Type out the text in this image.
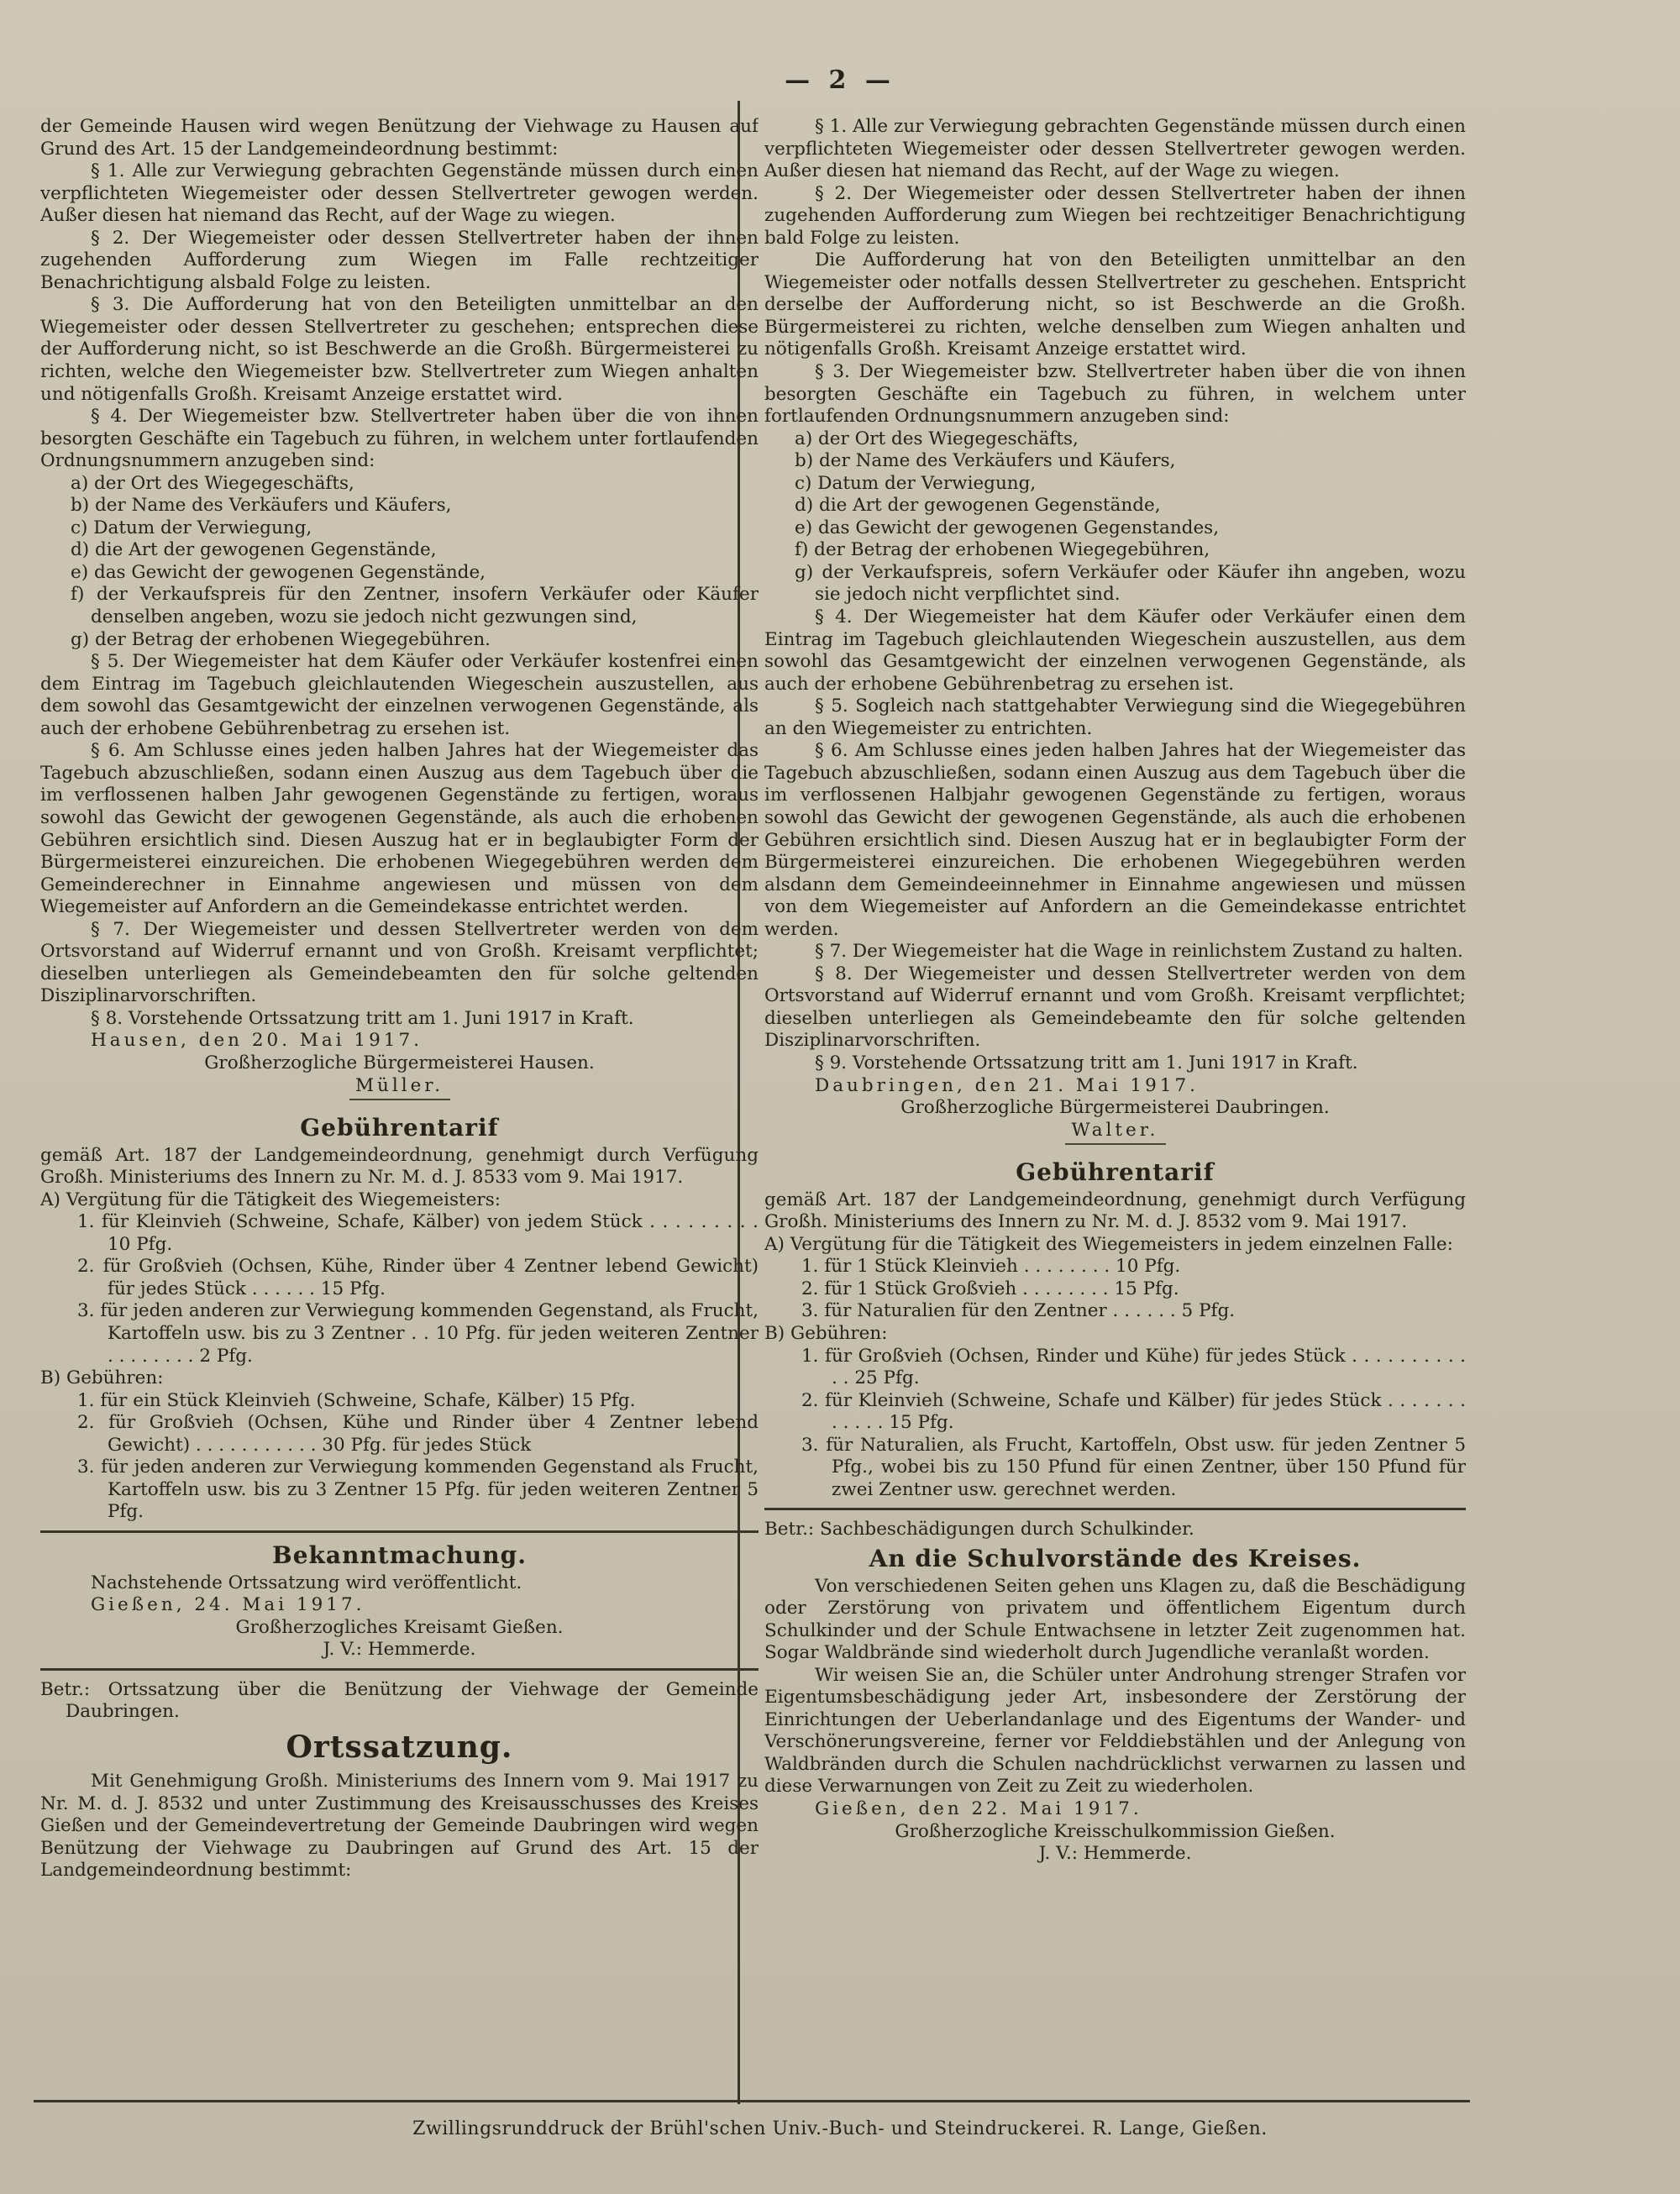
— 2 —

der Gemeinde Hausen wird wegen Benützung der Viehwage zu Hausen auf Grund des Art. 15 der Landgemeindeordnung bestimmt:

§ 1. Alle zur Verwiegung gebrachten Gegenstände müssen durch einen verpflichteten Wiegemeister oder dessen Stellvertreter gewogen werden. Außer diesen hat niemand das Recht, auf der Wage zu wiegen.

§ 2. Der Wiegemeister oder dessen Stellvertreter haben der ihnen zugehenden Aufforderung zum Wiegen im Falle rechtzeitiger Benachrichtigung alsbald Folge zu leisten.

§ 3. Die Aufforderung hat von den Beteiligten unmittelbar an den Wiegemeister oder dessen Stellvertreter zu geschehen; entsprechen diese der Aufforderung nicht, so ist Beschwerde an die Großh. Bürgermeisterei zu richten, welche den Wiegemeister bzw. Stellvertreter zum Wiegen anhalten und nötigenfalls Großh. Kreisamt Anzeige erstattet wird.

§ 4. Der Wiegemeister bzw. Stellvertreter haben über die von ihnen besorgten Geschäfte ein Tagebuch zu führen, in welchem unter fortlaufenden Ordnungsnummern anzugeben sind:

a) der Ort des Wiegegeschäfts,

b) der Name des Verkäufers und Käufers,

c) Datum der Verwiegung,

d) die Art der gewogenen Gegenstände,

e) das Gewicht der gewogenen Gegenstände,

f) der Verkaufspreis für den Zentner, insofern Verkäufer oder Käufer denselben angeben, wozu sie jedoch nicht gezwungen sind,

g) der Betrag der erhobenen Wiegegebühren.

§ 5. Der Wiegemeister hat dem Käufer oder Verkäufer kostenfrei einen dem Eintrag im Tagebuch gleichlautenden Wiegeschein auszustellen, aus dem sowohl das Gesamtgewicht der einzelnen verwogenen Gegenstände, als auch der erhobene Gebührenbetrag zu ersehen ist.

§ 6. Am Schlusse eines jeden halben Jahres hat der Wiegemeister das Tagebuch abzuschließen, sodann einen Auszug aus dem Tagebuch über die im verflossenen halben Jahr gewogenen Gegenstände zu fertigen, woraus sowohl das Gewicht der gewogenen Gegenstände, als auch die erhobenen Gebühren ersichtlich sind. Diesen Auszug hat er in beglaubigter Form der Bürgermeisterei einzureichen. Die erhobenen Wiegegebühren werden dem Gemeinderechner in Einnahme angewiesen und müssen von dem Wiegemeister auf Anfordern an die Gemeindekasse entrichtet werden.

§ 7. Der Wiegemeister und dessen Stellvertreter werden von dem Ortsvorstand auf Widerruf ernannt und von Großh. Kreisamt verpflichtet; dieselben unterliegen als Gemeindebeamten den für solche geltenden Disziplinarvorschriften.

§ 8. Vorstehende Ortssatzung tritt am 1. Juni 1917 in Kraft.

Hausen, den 20. Mai 1917.

Großherzogliche Bürgermeisterei Hausen.

Müller.

Gebührentarif

gemäß Art. 187 der Landgemeindeordnung, genehmigt durch Verfügung Großh. Ministeriums des Innern zu Nr. M. d. J. 8533 vom 9. Mai 1917.

A) Vergütung für die Tätigkeit des Wiegemeisters:

1. für Kleinvieh (Schweine, Schafe, Kälber) von jedem Stück . . . . . . . . . 10 Pfg.

2. für Großvieh (Ochsen, Kühe, Rinder über 4 Zentner lebend Gewicht) für jedes Stück . . . . . . 15 Pfg.

3. für jeden anderen zur Verwiegung kommenden Gegenstand, als Frucht, Kartoffeln usw. bis zu 3 Zentner . . 10 Pfg. für jeden weiteren Zentner . . . . . . . . 2 Pfg.

B) Gebühren:

1. für ein Stück Kleinvieh (Schweine, Schafe, Kälber) 15 Pfg.

2. für Großvieh (Ochsen, Kühe und Rinder über 4 Zentner lebend Gewicht) . . . . . . . . . . . 30 Pfg. für jedes Stück

3. für jeden anderen zur Verwiegung kommenden Gegenstand als Frucht, Kartoffeln usw. bis zu 3 Zentner 15 Pfg. für jeden weiteren Zentner 5 Pfg.

Bekanntmachung.

Nachstehende Ortssatzung wird veröffentlicht.

Gießen, 24. Mai 1917.

Großherzogliches Kreisamt Gießen.

J. V.: Hemmerde.

Betr.: Ortssatzung über die Benützung der Viehwage der Gemeinde Daubringen.

Ortssatzung.

Mit Genehmigung Großh. Ministeriums des Innern vom 9. Mai 1917 zu Nr. M. d. J. 8532 und unter Zustimmung des Kreisausschusses des Kreises Gießen und der Gemeindevertretung der Gemeinde Daubringen wird wegen Benützung der Viehwage zu Daubringen auf Grund des Art. 15 der Landgemeindeordnung bestimmt:

§ 1. Alle zur Verwiegung gebrachten Gegenstände müssen durch einen verpflichteten Wiegemeister oder dessen Stellvertreter gewogen werden. Außer diesen hat niemand das Recht, auf der Wage zu wiegen.

§ 2. Der Wiegemeister oder dessen Stellvertreter haben der ihnen zugehenden Aufforderung zum Wiegen bei rechtzeitiger Benachrichtigung bald Folge zu leisten.

Die Aufforderung hat von den Beteiligten unmittelbar an den Wiegemeister oder notfalls dessen Stellvertreter zu geschehen. Entspricht derselbe der Aufforderung nicht, so ist Beschwerde an die Großh. Bürgermeisterei zu richten, welche denselben zum Wiegen anhalten und nötigenfalls Großh. Kreisamt Anzeige erstattet wird.

§ 3. Der Wiegemeister bzw. Stellvertreter haben über die von ihnen besorgten Geschäfte ein Tagebuch zu führen, in welchem unter fortlaufenden Ordnungsnummern anzugeben sind:

a) der Ort des Wiegegeschäfts,

b) der Name des Verkäufers und Käufers,

c) Datum der Verwiegung,

d) die Art der gewogenen Gegenstände,

e) das Gewicht der gewogenen Gegenstandes,

f) der Betrag der erhobenen Wiegegebühren,

g) der Verkaufspreis, sofern Verkäufer oder Käufer ihn angeben, wozu sie jedoch nicht verpflichtet sind.

§ 4. Der Wiegemeister hat dem Käufer oder Verkäufer einen dem Eintrag im Tagebuch gleichlautenden Wiegeschein auszustellen, aus dem sowohl das Gesamtgewicht der einzelnen verwogenen Gegenstände, als auch der erhobene Gebührenbetrag zu ersehen ist.

§ 5. Sogleich nach stattgehabter Verwiegung sind die Wiegegebühren an den Wiegemeister zu entrichten.

§ 6. Am Schlusse eines jeden halben Jahres hat der Wiegemeister das Tagebuch abzuschließen, sodann einen Auszug aus dem Tagebuch über die im verflossenen Halbjahr gewogenen Gegenstände zu fertigen, woraus sowohl das Gewicht der gewogenen Gegenstände, als auch die erhobenen Gebühren ersichtlich sind. Diesen Auszug hat er in beglaubigter Form der Bürgermeisterei einzureichen. Die erhobenen Wiegegebühren werden alsdann dem Gemeindeeinnehmer in Einnahme angewiesen und müssen von dem Wiegemeister auf Anfordern an die Gemeindekasse entrichtet werden.

§ 7. Der Wiegemeister hat die Wage in reinlichstem Zustand zu halten.

§ 8. Der Wiegemeister und dessen Stellvertreter werden von dem Ortsvorstand auf Widerruf ernannt und vom Großh. Kreisamt verpflichtet; dieselben unterliegen als Gemeindebeamte den für solche geltenden Disziplinarvorschriften.

§ 9. Vorstehende Ortssatzung tritt am 1. Juni 1917 in Kraft.

Daubringen, den 21. Mai 1917.

Großherzogliche Bürgermeisterei Daubringen.

Walter.

Gebührentarif

gemäß Art. 187 der Landgemeindeordnung, genehmigt durch Verfügung Großh. Ministeriums des Innern zu Nr. M. d. J. 8532 vom 9. Mai 1917.

A) Vergütung für die Tätigkeit des Wiegemeisters in jedem einzelnen Falle:

1. für 1 Stück Kleinvieh . . . . . . . . 10 Pfg.

2. für 1 Stück Großvieh . . . . . . . . 15 Pfg.

3. für Naturalien für den Zentner . . . . . . 5 Pfg.

B) Gebühren:

1. für Großvieh (Ochsen, Rinder und Kühe) für jedes Stück . . . . . . . . . . . . 25 Pfg.

2. für Kleinvieh (Schweine, Schafe und Kälber) für jedes Stück . . . . . . . . . . . . 15 Pfg.

3. für Naturalien, als Frucht, Kartoffeln, Obst usw. für jeden Zentner 5 Pfg., wobei bis zu 150 Pfund für einen Zentner, über 150 Pfund für zwei Zentner usw. gerechnet werden.

Betr.: Sachbeschädigungen durch Schulkinder.

An die Schulvorstände des Kreises.

Von verschiedenen Seiten gehen uns Klagen zu, daß die Beschädigung oder Zerstörung von privatem und öffentlichem Eigentum durch Schulkinder und der Schule Entwachsene in letzter Zeit zugenommen hat. Sogar Waldbrände sind wiederholt durch Jugendliche veranlaßt worden.

Wir weisen Sie an, die Schüler unter Androhung strenger Strafen vor Eigentumsbeschädigung jeder Art, insbesondere der Zerstörung der Einrichtungen der Ueberlandanlage und des Eigentums der Wander- und Verschönerungsvereine, ferner vor Felddiebstählen und der Anlegung von Waldbränden durch die Schulen nachdrücklichst verwarnen zu lassen und diese Verwarnungen von Zeit zu Zeit zu wiederholen.

Gießen, den 22. Mai 1917.

Großherzogliche Kreisschulkommission Gießen.

J. V.: Hemmerde.

Zwillingsrunddruck der Brühl'schen Univ.-Buch- und Steindruckerei. R. Lange, Gießen.
